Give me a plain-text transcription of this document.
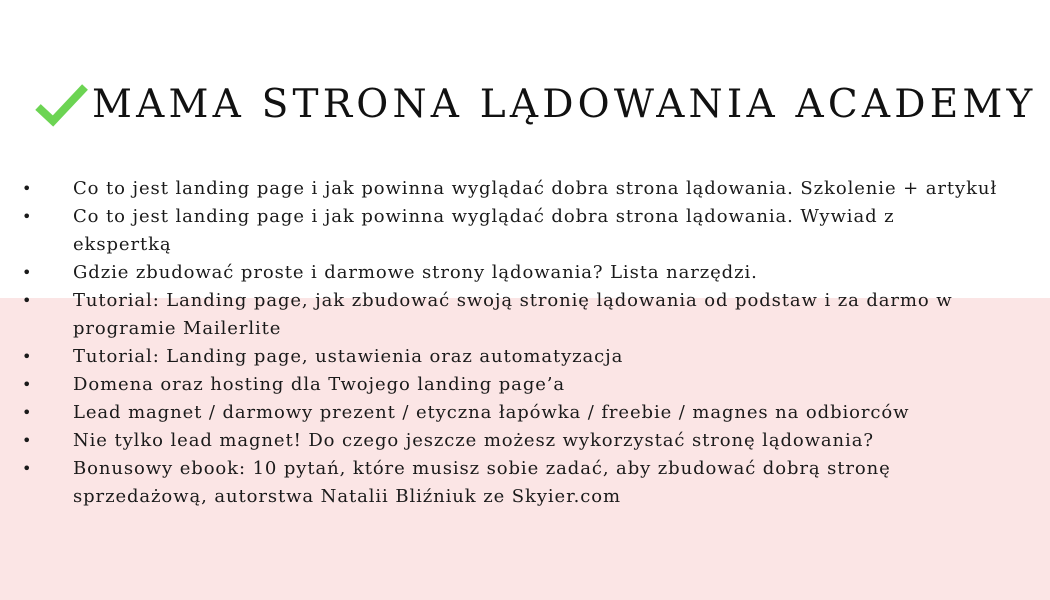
MAMA STRONA LĄDOWANIA ACADEMY
• Co to jest landing page i jak powinna wyglądać dobra strona lądowania. Szkolenie + artykuł
• Co to jest landing page i jak powinna wyglądać dobra strona lądowania. Wywiad z ekspertką
• Gdzie zbudować proste i darmowe strony lądowania? Lista narzędzi.
• Tutorial: Landing page, jak zbudować swoją stronię lądowania od podstaw i za darmo w programie Mailerlite
• Tutorial: Landing page, ustawienia oraz automatyzacja
• Domena oraz hosting dla Twojego landing page’a
• Lead magnet / darmowy prezent / etyczna łapówka / freebie / magnes na odbiorców
• Nie tylko lead magnet! Do czego jeszcze możesz wykorzystać stronę lądowania?
• Bonusowy ebook: 10 pytań, które musisz sobie zadać, aby zbudować dobrą stronę sprzedażową, autorstwa Natalii Bliźniuk ze Skyier.com
